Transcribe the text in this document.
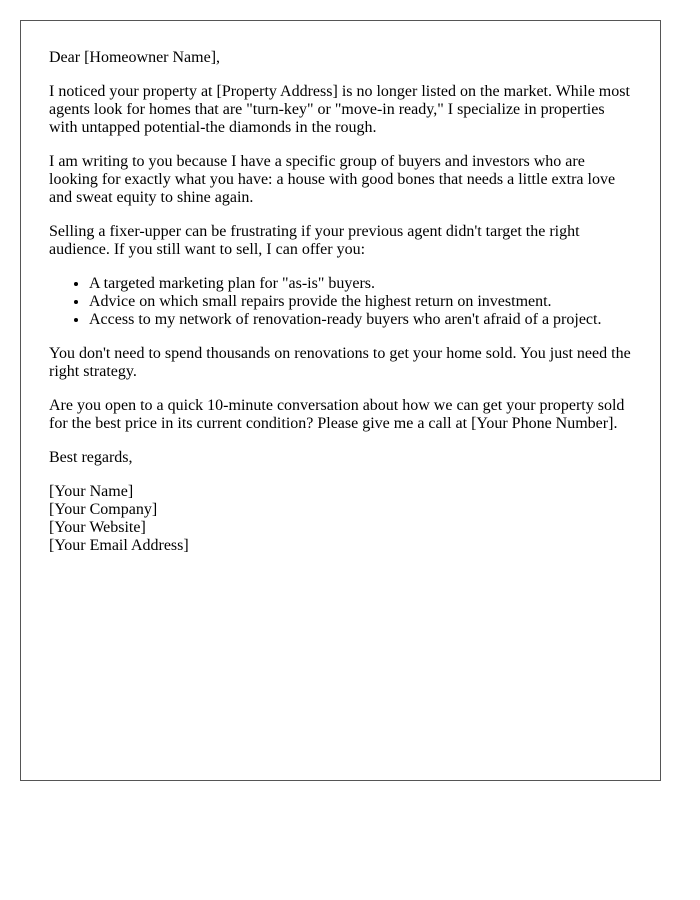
Dear [Homeowner Name],

I noticed your property at [Property Address] is no longer listed on the market. While most agents look for homes that are "turn-key" or "move-in ready," I specialize in properties with untapped potential-the diamonds in the rough.

I am writing to you because I have a specific group of buyers and investors who are looking for exactly what you have: a house with good bones that needs a little extra love and sweat equity to shine again.

Selling a fixer-upper can be frustrating if your previous agent didn't target the right audience. If you still want to sell, I can offer you:

• A targeted marketing plan for "as-is" buyers.
• Advice on which small repairs provide the highest return on investment.
• Access to my network of renovation-ready buyers who aren't afraid of a project.

You don't need to spend thousands on renovations to get your home sold. You just need the right strategy.

Are you open to a quick 10-minute conversation about how we can get your property sold for the best price in its current condition? Please give me a call at [Your Phone Number].

Best regards,

[Your Name]
[Your Company]
[Your Website]
[Your Email Address]
